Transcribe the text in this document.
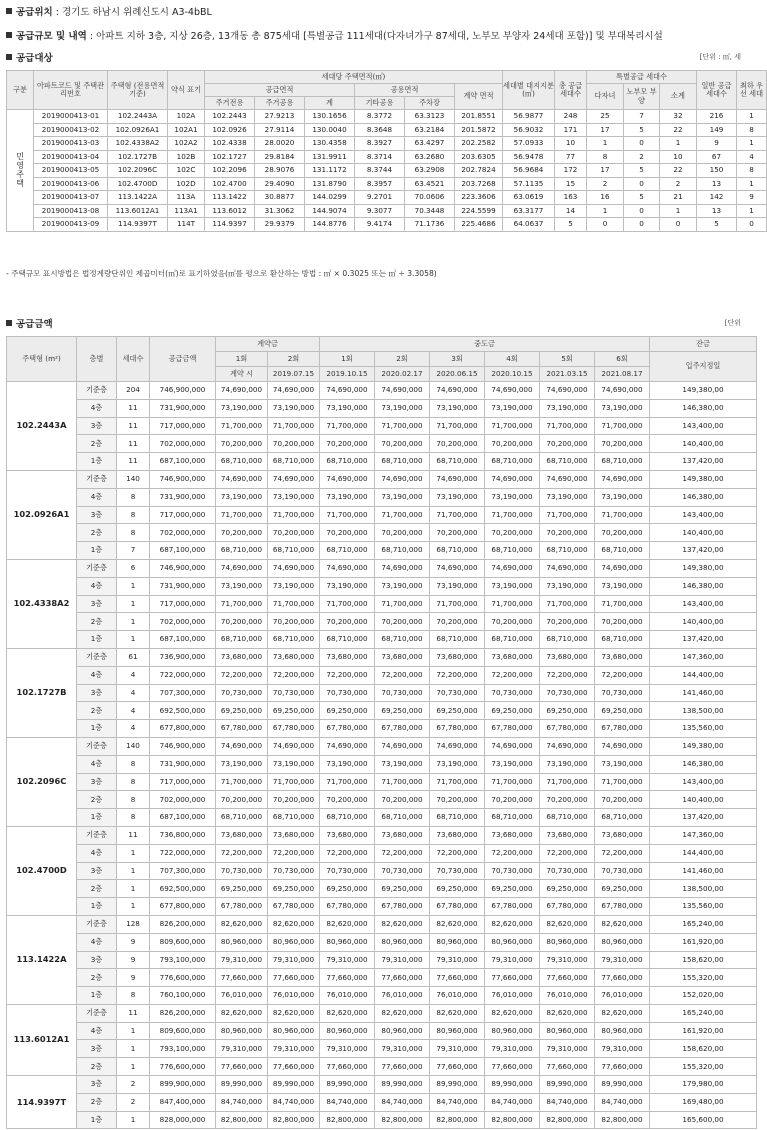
공급위치 : 경기도 하남시 위례신도시 A3-4bBL
공급규모 및 내역 : 아파트 지하 3층, 지상 26층, 13개동 총 875세대 [특별공급 111세대(다자녀가구 87세대, 노부모 부양자 24세대 포함)] 및 부대복리시설
공급대상	[단위 : ㎡, 세
구분	아파트코드 및 주택관리번호	주택형 (전용면적 기준)	약식 표기	세대당 주택면적(㎡)						세대별 대지지분 (㎡)	총 공급 세대수	특별공급 세대수			일반 공급 세대수	최하 우선 세대
				공급면적			공용면적		계약 면적			다자녀	노부모 부양	소계		
				주거전용	주거공용	계	기타공용	주차장								
민영주택	2019000413-01	102.2443A	102A	102.2443	27.9213	130.1656	8.3772	63.3123	201.8551	56.9877	248	25	7	32	216	1
	2019000413-02	102.0926A1	102A1	102.0926	27.9114	130.0040	8.3648	63.2184	201.5872	56.9032	171	17	5	22	149	8
	2019000413-03	102.4338A2	102A2	102.4338	28.0020	130.4358	8.3927	63.4297	202.2582	57.0933	10	1	0	1	9	1
	2019000413-04	102.1727B	102B	102.1727	29.8184	131.9911	8.3714	63.2680	203.6305	56.9478	77	8	2	10	67	4
	2019000413-05	102.2096C	102C	102.2096	28.9076	131.1172	8.3744	63.2908	202.7824	56.9684	172	17	5	22	150	8
	2019000413-06	102.4700D	102D	102.4700	29.4090	131.8790	8.3957	63.4521	203.7268	57.1135	15	2	0	2	13	1
	2019000413-07	113.1422A	113A	113.1422	30.8877	144.0299	9.2701	70.0606	223.3606	63.0619	163	16	5	21	142	9
	2019000413-08	113.6012A1	113A1	113.6012	31.3062	144.9074	9.3077	70.3448	224.5599	63.3177	14	1	0	1	13	1
	2019000413-09	114.9397T	114T	114.9397	29.9379	144.8776	9.4174	71.1736	225.4686	64.0637	5	0	0	0	5	0
- 주택규모 표시방법은 법정계량단위인 제곱미터(㎡)로 표기하였음(㎡를 평으로 환산하는 방법 : ㎡ × 0.3025 또는 ㎡ ÷ 3.3058)
공급금액	[단위
주택형 (m²)	층별	세대수	공급금액	계약금		중도금						잔금
				1회	2회	1회	2회	3회	4회	5회	6회	입주지정일
				계약 시	2019.07.15	2019.10.15	2020.02.17	2020.06.15	2020.10.15	2021.03.15	2021.08.17	
102.2443A	기준층	204	746,900,000	74,690,000	74,690,000	74,690,000	74,690,000	74,690,000	74,690,000	74,690,000	74,690,000	149,380,00
	4층	11	731,900,000	73,190,000	73,190,000	73,190,000	73,190,000	73,190,000	73,190,000	73,190,000	73,190,000	146,380,00
	3층	11	717,000,000	71,700,000	71,700,000	71,700,000	71,700,000	71,700,000	71,700,000	71,700,000	71,700,000	143,400,00
	2층	11	702,000,000	70,200,000	70,200,000	70,200,000	70,200,000	70,200,000	70,200,000	70,200,000	70,200,000	140,400,00
	1층	11	687,100,000	68,710,000	68,710,000	68,710,000	68,710,000	68,710,000	68,710,000	68,710,000	68,710,000	137,420,00
102.0926A1	기준층	140	746,900,000	74,690,000	74,690,000	74,690,000	74,690,000	74,690,000	74,690,000	74,690,000	74,690,000	149,380,00
	4층	8	731,900,000	73,190,000	73,190,000	73,190,000	73,190,000	73,190,000	73,190,000	73,190,000	73,190,000	146,380,00
	3층	8	717,000,000	71,700,000	71,700,000	71,700,000	71,700,000	71,700,000	71,700,000	71,700,000	71,700,000	143,400,00
	2층	8	702,000,000	70,200,000	70,200,000	70,200,000	70,200,000	70,200,000	70,200,000	70,200,000	70,200,000	140,400,00
	1층	7	687,100,000	68,710,000	68,710,000	68,710,000	68,710,000	68,710,000	68,710,000	68,710,000	68,710,000	137,420,00
102.4338A2	기준층	6	746,900,000	74,690,000	74,690,000	74,690,000	74,690,000	74,690,000	74,690,000	74,690,000	74,690,000	149,380,00
	4층	1	731,900,000	73,190,000	73,190,000	73,190,000	73,190,000	73,190,000	73,190,000	73,190,000	73,190,000	146,380,00
	3층	1	717,000,000	71,700,000	71,700,000	71,700,000	71,700,000	71,700,000	71,700,000	71,700,000	71,700,000	143,400,00
	2층	1	702,000,000	70,200,000	70,200,000	70,200,000	70,200,000	70,200,000	70,200,000	70,200,000	70,200,000	140,400,00
	1층	1	687,100,000	68,710,000	68,710,000	68,710,000	68,710,000	68,710,000	68,710,000	68,710,000	68,710,000	137,420,00
102.1727B	기준층	61	736,900,000	73,680,000	73,680,000	73,680,000	73,680,000	73,680,000	73,680,000	73,680,000	73,680,000	147,360,00
	4층	4	722,000,000	72,200,000	72,200,000	72,200,000	72,200,000	72,200,000	72,200,000	72,200,000	72,200,000	144,400,00
	3층	4	707,300,000	70,730,000	70,730,000	70,730,000	70,730,000	70,730,000	70,730,000	70,730,000	70,730,000	141,460,00
	2층	4	692,500,000	69,250,000	69,250,000	69,250,000	69,250,000	69,250,000	69,250,000	69,250,000	69,250,000	138,500,00
	1층	4	677,800,000	67,780,000	67,780,000	67,780,000	67,780,000	67,780,000	67,780,000	67,780,000	67,780,000	135,560,00
102.2096C	기준층	140	746,900,000	74,690,000	74,690,000	74,690,000	74,690,000	74,690,000	74,690,000	74,690,000	74,690,000	149,380,00
	4층	8	731,900,000	73,190,000	73,190,000	73,190,000	73,190,000	73,190,000	73,190,000	73,190,000	73,190,000	146,380,00
	3층	8	717,000,000	71,700,000	71,700,000	71,700,000	71,700,000	71,700,000	71,700,000	71,700,000	71,700,000	143,400,00
	2층	8	702,000,000	70,200,000	70,200,000	70,200,000	70,200,000	70,200,000	70,200,000	70,200,000	70,200,000	140,400,00
	1층	8	687,100,000	68,710,000	68,710,000	68,710,000	68,710,000	68,710,000	68,710,000	68,710,000	68,710,000	137,420,00
102.4700D	기준층	11	736,800,000	73,680,000	73,680,000	73,680,000	73,680,000	73,680,000	73,680,000	73,680,000	73,680,000	147,360,00
	4층	1	722,000,000	72,200,000	72,200,000	72,200,000	72,200,000	72,200,000	72,200,000	72,200,000	72,200,000	144,400,00
	3층	1	707,300,000	70,730,000	70,730,000	70,730,000	70,730,000	70,730,000	70,730,000	70,730,000	70,730,000	141,460,00
	2층	1	692,500,000	69,250,000	69,250,000	69,250,000	69,250,000	69,250,000	69,250,000	69,250,000	69,250,000	138,500,00
	1층	1	677,800,000	67,780,000	67,780,000	67,780,000	67,780,000	67,780,000	67,780,000	67,780,000	67,780,000	135,560,00
113.1422A	기준층	128	826,200,000	82,620,000	82,620,000	82,620,000	82,620,000	82,620,000	82,620,000	82,620,000	82,620,000	165,240,00
	4층	9	809,600,000	80,960,000	80,960,000	80,960,000	80,960,000	80,960,000	80,960,000	80,960,000	80,960,000	161,920,00
	3층	9	793,100,000	79,310,000	79,310,000	79,310,000	79,310,000	79,310,000	79,310,000	79,310,000	79,310,000	158,620,00
	2층	9	776,600,000	77,660,000	77,660,000	77,660,000	77,660,000	77,660,000	77,660,000	77,660,000	77,660,000	155,320,00
	1층	8	760,100,000	76,010,000	76,010,000	76,010,000	76,010,000	76,010,000	76,010,000	76,010,000	76,010,000	152,020,00
113.6012A1	기준층	11	826,200,000	82,620,000	82,620,000	82,620,000	82,620,000	82,620,000	82,620,000	82,620,000	82,620,000	165,240,00
	4층	1	809,600,000	80,960,000	80,960,000	80,960,000	80,960,000	80,960,000	80,960,000	80,960,000	80,960,000	161,920,00
	3층	1	793,100,000	79,310,000	79,310,000	79,310,000	79,310,000	79,310,000	79,310,000	79,310,000	79,310,000	158,620,00
	2층	1	776,600,000	77,660,000	77,660,000	77,660,000	77,660,000	77,660,000	77,660,000	77,660,000	77,660,000	155,320,00
114.9397T	3층	2	899,900,000	89,990,000	89,990,000	89,990,000	89,990,000	89,990,000	89,990,000	89,990,000	89,990,000	179,980,00
	2층	2	847,400,000	84,740,000	84,740,000	84,740,000	84,740,000	84,740,000	84,740,000	84,740,000	84,740,000	169,480,00
	1층	1	828,000,000	82,800,000	82,800,000	82,800,000	82,800,000	82,800,000	82,800,000	82,800,000	82,800,000	165,600,00
